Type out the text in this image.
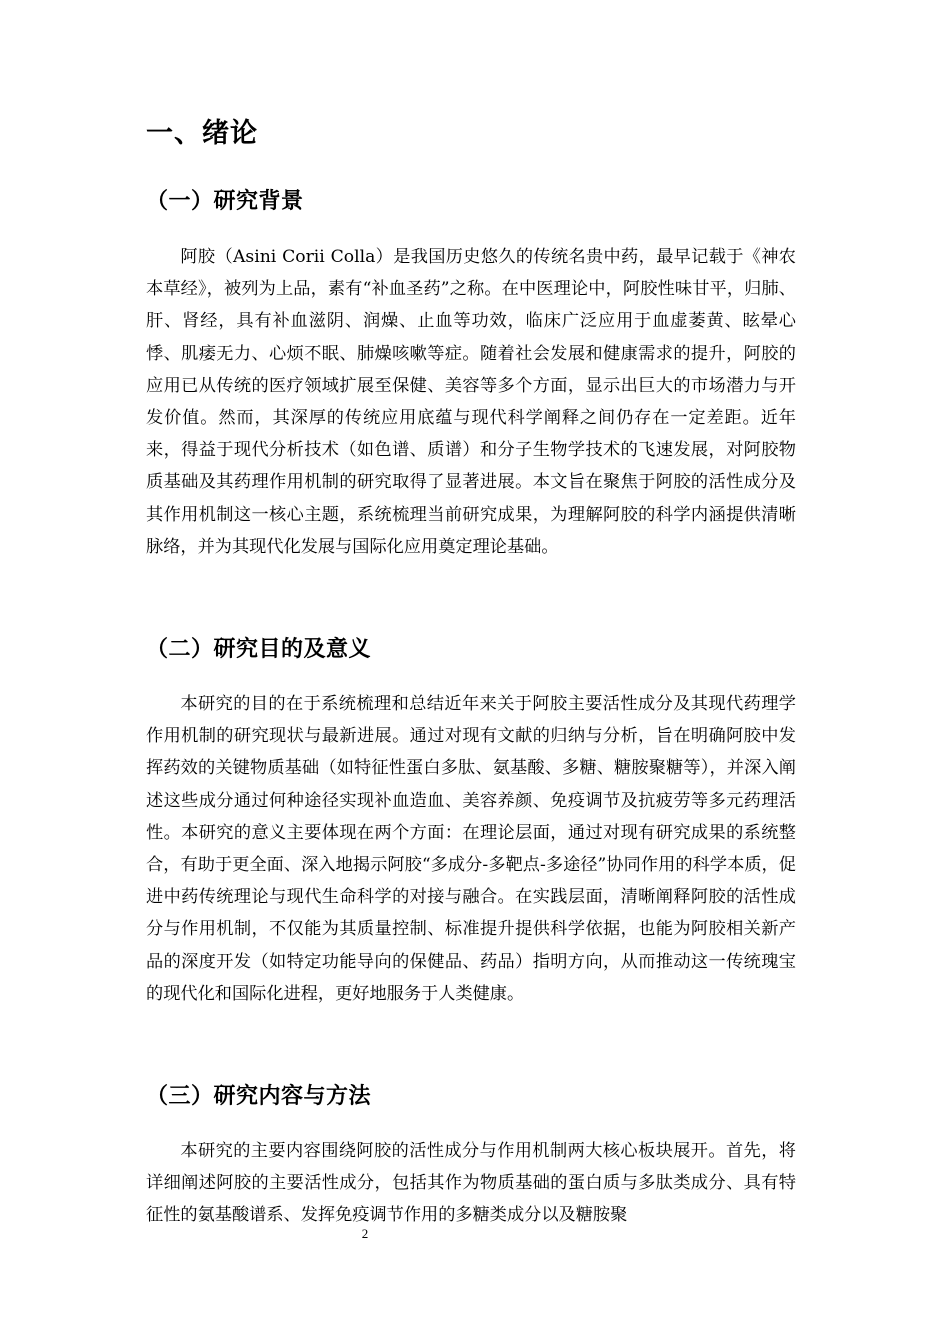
一、绪论
（一）研究背景

阿胶（Asini Corii Colla）是我国历史悠久的传统名贵中药，最早记载于《神农本草经》，被列为上品，素有“补血圣药”之称。在中医理论中，阿胶性味甘平，归肺、肝、肾经，具有补血滋阴、润燥、止血等功效，临床广泛应用于血虚萎黄、眩晕心悸、肌痿无力、心烦不眠、肺燥咳嗽等症。随着社会发展和健康需求的提升，阿胶的应用已从传统的医疗领域扩展至保健、美容等多个方面，显示出巨大的市场潜力与开发价值。然而，其深厚的传统应用底蕴与现代科学阐释之间仍存在一定差距。近年来，得益于现代分析技术（如色谱、质谱）和分子生物学技术的飞速发展，对阿胶物质基础及其药理作用机制的研究取得了显著进展。本文旨在聚焦于阿胶的活性成分及其作用机制这一核心主题，系统梳理当前研究成果，为理解阿胶的科学内涵提供清晰脉络，并为其现代化发展与国际化应用奠定理论基础。

（二）研究目的及意义

本研究的目的在于系统梳理和总结近年来关于阿胶主要活性成分及其现代药理学作用机制的研究现状与最新进展。通过对现有文献的归纳与分析，旨在明确阿胶中发挥药效的关键物质基础（如特征性蛋白多肽、氨基酸、多糖、糖胺聚糖等），并深入阐述这些成分通过何种途径实现补血造血、美容养颜、免疫调节及抗疲劳等多元药理活性。本研究的意义主要体现在两个方面：在理论层面，通过对现有研究成果的系统整合，有助于更全面、深入地揭示阿胶“多成分-多靶点-多途径”协同作用的科学本质，促进中药传统理论与现代生命科学的对接与融合。在实践层面，清晰阐释阿胶的活性成分与作用机制，不仅能为其质量控制、标准提升提供科学依据，也能为阿胶相关新产品的深度开发（如特定功能导向的保健品、药品）指明方向，从而推动这一传统瑰宝的现代化和国际化进程，更好地服务于人类健康。

（三）研究内容与方法

本研究的主要内容围绕阿胶的活性成分与作用机制两大核心板块展开。首先，将详细阐述阿胶的主要活性成分，包括其作为物质基础的蛋白质与多肽类成分、具有特征性的氨基酸谱系、发挥免疫调节作用的多糖类成分以及糖胺聚

2
